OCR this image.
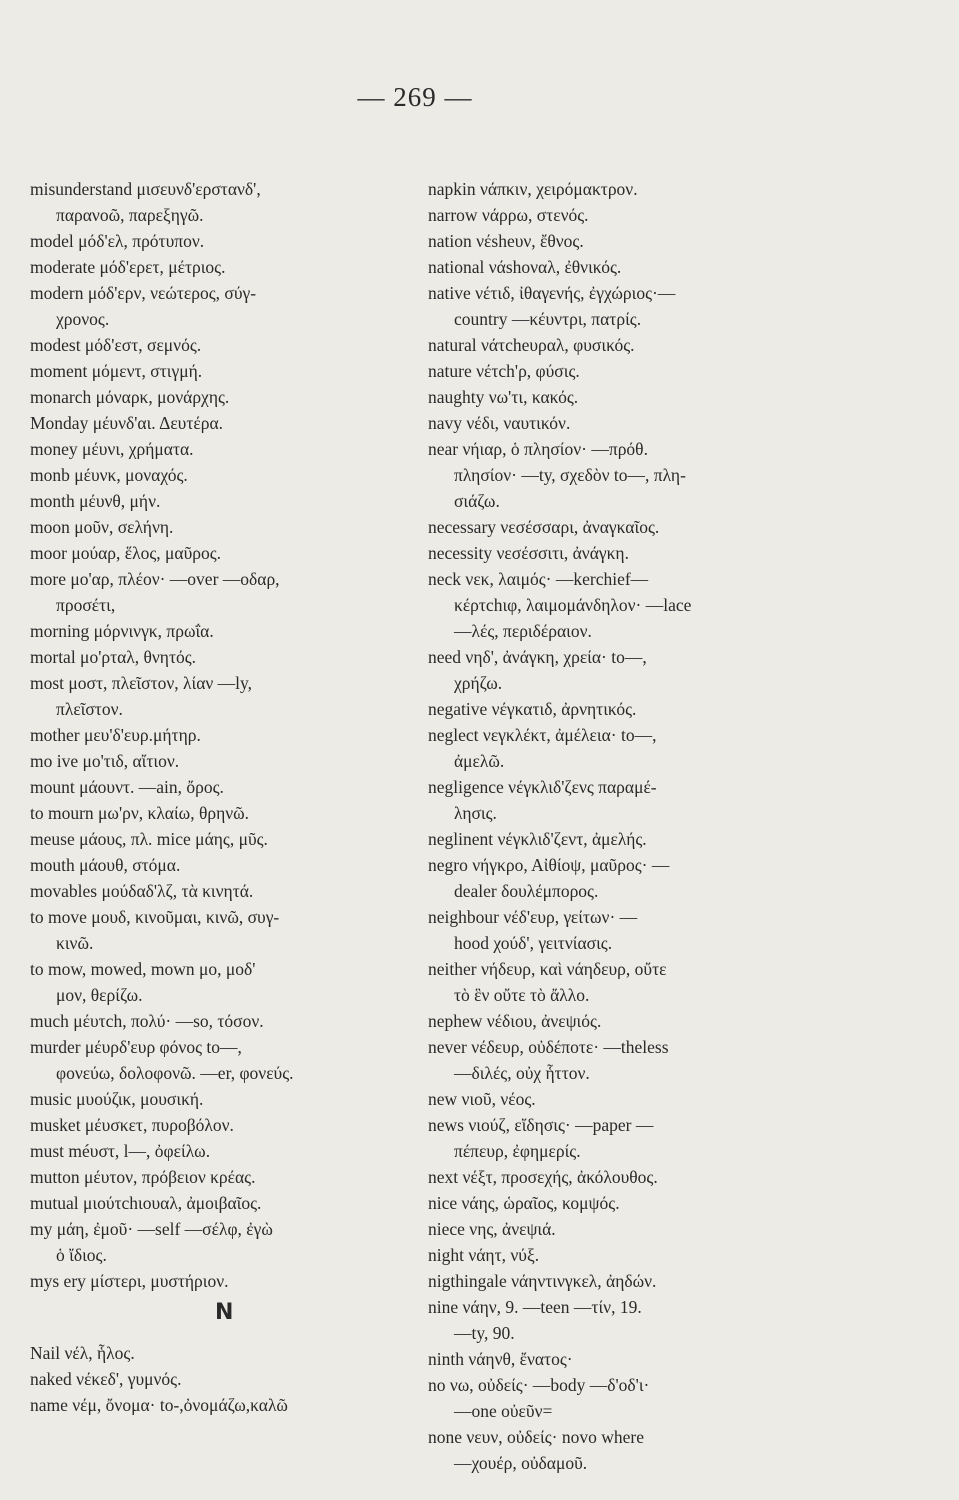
— 269 —
misunderstand μισευνδ'ερστανδ',
παρανοῶ, παρεξηγῶ.
model μόδ'ελ, πρότυπον.
moderate μόδ'ερετ, μέτριος.
modern μόδ'ερν, νεώτερος, σύγ-
χρονος.
modest μόδ'εστ, σεμνός.
moment μόμεντ, στιγμή.
monarch μόναρκ, μονάρχης.
Monday μέυνδ'αι. Δευτέρα.
money μέυνι, χρήματα.
monb μέυνκ, μοναχός.
month μέυνθ, μήν.
moon μοῦν, σελήνη.
moor μούαρ, ἕλος, μαῦρος.
more μο'αρ, πλέον· —over —οδαρ,
προσέτι,
morning μόρνινγκ, πρωΐα.
mortal μο'ρταλ, θνητός.
most μοστ, πλεῖστον, λίαν —ly,
πλεῖστον.
mother μευ'δ'ευρ.μήτηρ.
mo ive μο'τιδ, αἴτιον.
mount μάουντ. —ain, ὄρος.
to mourn μω'ρν, κλαίω, θρηνῶ.
meuse μάους, πλ. mice μάης, μῦς.
mouth μάουθ, στόμα.
movables μούδαδ'λζ, τὰ κινητά.
to move μουδ, κινοῦμαι, κινῶ, συγ-
κινῶ.
to mow, mowed, mown μο, μοδ'
μον, θερίζω.
much μέυτch, πολύ· —so, τόσον.
murder μέυρδ'ευρ φόνος to—,
φονεύω, δολοφονῶ. —er, φονεύς.
music μυούζικ, μουσική.
musket μέυσκετ, πυροβόλον.
must méυστ, l—, ὀφείλω.
mutton μέυτον, πρόβειον κρέας.
mutual μιούτchιουαλ, ἀμοιβαῖος.
my μάη, ἐμοῦ· —self —σέλφ, ἐγὼ
ὁ ἴδιος.
mys ery μίστερι, μυστήριον.
N
Nail νέλ, ἧλος.
naked νέκεδ', γυμνός.
name νέμ, ὄνομα· to-,ὀνομάζω,καλῶ
napkin νάπκιν, χειρόμακτρον.
narrow νάρρω, στενός.
nation νέsheυν, ἔθνος.
national νάshoναλ, ἐθνικός.
native νέτιδ, ἰθαγενής, ἐγχώριος·—
country —κέυντρι, πατρίς.
natural νάτcheυραλ, φυσικός.
nature νέτch'ρ, φύσις.
naughty νω'τι, κακός.
navy νέδι, ναυτικόν.
near νήιαρ, ὁ πλησίον· —πρόθ.
πλησίον· —ty, σχεδὸν to—, πλη-
σιάζω.
necessary νεσέσσαρι, ἀναγκαῖος.
necessity νεσέσσιτι, ἀνάγκη.
neck νεκ, λαιμός· —kerchief—
κέρτchιφ, λαιμομάνδηλον· —lace
—λές, περιδέραιον.
need νηδ', ἀνάγκη, χρεία· to—,
χρήζω.
negative νέγκατιδ, ἀρνητικός.
neglect νεγκλέκτ, ἀμέλεια· to—,
ἀμελῶ.
negligence νέγκλιδ'ζενς παραμέ-
λησις.
neglinent νέγκλιδ'ζεντ, ἀμελής.
negro νήγκρο, Αἰθίοψ, μαῦρος· —
dealer δουλέμπορος.
neighbour νέδ'ευρ, γείτων· —
hood χούδ', γειτνίασις.
neither νήδευρ, καὶ νάηδευρ, οὔτε
τὸ ἓν οὔτε τὸ ἄλλο.
nephew νέδιου, ἀνεψιός.
never νέδευρ, οὐδέποτε· —theless
—διλές, οὐχ ἧττον.
new νιοῦ, νέος.
news νιούζ, εἴδησις· —paper —
πέπευρ, ἐφημερίς.
next νέξτ, προσεχής, ἀκόλουθος.
nice νάης, ὡραῖος, κομψός.
niece νης, ἀνεψιά.
night νάητ, νύξ.
nigthingale νάηντινγκελ, ἀηδών.
nine νάην, 9. —teen —τίν, 19.
—ty, 90.
ninth νάηνθ, ἔνατος·
no νω, οὐδείς· —body —δ'οδ'ι·
—one οὐεῦν=
none νευν, οὐδείς· novo where
—χουέρ, οὐδαμοῦ.
